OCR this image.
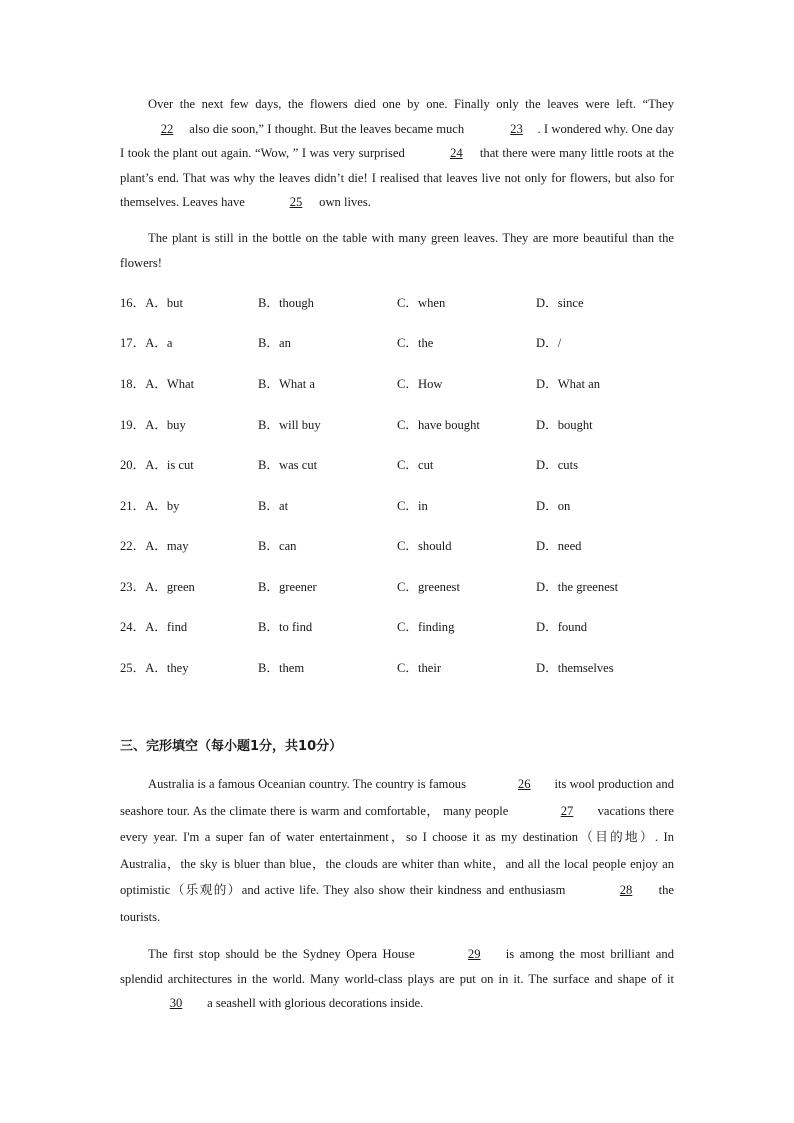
Over the next few days, the flowers died one by one. Finally only the leaves were left. “They 22 also die soon,” I thought. But the leaves became much	23 . I wondered why. One day I took the plant out again. “Wow, ” I was very surprised	24 that there were many little roots at the plant’s end. That was why the leaves didn’t die! I realised that leaves live not only for flowers, but also for themselves. Leaves have	25 own lives.

The plant is still in the bottle on the table with many green leaves. They are more beautiful than the flowers!

16．A．but	B．though	C．when	D．since
17．A．a	B．an	C．the	D．/
18．A．What	B．What a	C．How	D．What an
19．A．buy	B．will buy	C．have bought	D．bought
20．A．is cut	B．was cut	C．cut	D．cuts
21．A．by	B．at	C．in	D．on
22．A．may	B．can	C．should	D．need
23．A．green	B．greener	C．greenest	D．the greenest
24．A．find	B．to find	C．finding	D．found
25．A．they	B．them	C．their	D．themselves
三、完形填空（每小题1分，共10分）

Australia is a famous Oceanian country. The country is famous	26 its wool production and seashore tour. As the climate there is warm and comfortable， many people	27 vacations there every year. I'm a super fan of water entertainment，so I choose it as my destination（目的地）. In Australia，the sky is bluer than blue，the clouds are whiter than white，and all the local people enjoy an optimistic（乐观的）and active life. They also show their kindness and enthusiasm	28 the tourists.

The first stop should be the Sydney Opera House	29 is among the most brilliant and splendid architectures in the world. Many world-class plays are put on in it. The surface and shape of it 30 a seashell with glorious decorations inside.
